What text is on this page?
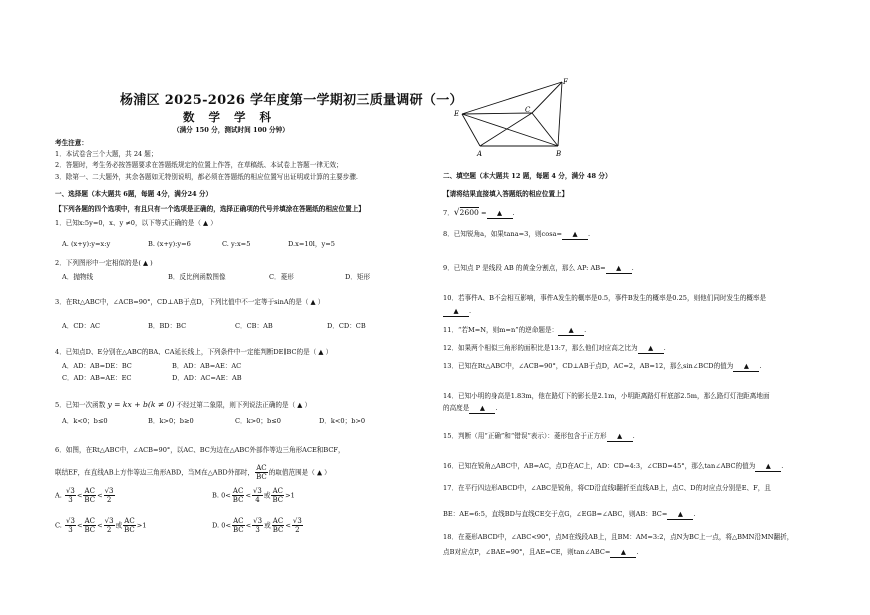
杨浦区 2025-2026 学年度第一学期初三质量调研（一）
数 学 学 科
（满分 150 分，测试时间 100 分钟）
考生注意：
1．本试卷含三个大题，共 24 题；
2．答题时，考生务必按答题要求在答题纸规定的位置上作答，在草稿纸、本试卷上答题一律无效；
3．除第一、二大题外，其余各题如无特别说明，都必须在答题纸的相应位置写出证明或计算的主要步骤.
一、选择题（本大题共 6题，每题 4分，满分24 分）
【下列各题的四个选项中，有且只有一个选项是正确的，选择正确项的代号并填涂在答题纸的相应位置上】
1．已知x:5y=0，x、y ≠0，以下等式正确的是（ ▲ ）
A. (x+y):y=x:y	B. (x+y):y=6	C. y:x=5	D.x=10l，y=5
2．下列图形中一定相似的是( ▲ )
A．抛物线	B．反比例函数图像	C．菱形	D．矩形
3．在Rt△ABC中，∠ACB=90°，CD⊥AB于点D，下列比值中不一定等于sinA的是（ ▲ ）
A．CD：AC	B．BD：BC	C．CB：AB	D．CD：CB
4．已知点D、E分别在△ABC的BA、CA延长线上，下列条件中一定能判断DE∥BC的是（ ▲ ）
A．AD：AB=DE：BC	B．AD：AB=AE：AC
C．AD：AB=AE：EC	D．AD：AC=AE：AB
5．已知一次函数 y = kx + b(k ≠ 0) 不经过第二象限，则下列说法正确的是（ ▲ ）
A．k<0；b≤0	B．k>0；b≥0	C．k>0；b≤0	D．k<0；b>0
6．如图，在Rt△ABC中，∠ACB=90°，以AC、BC为边在△ABC外部作等边三角形ACE和BCF，
联结EF，在直线AB上方作等边三角形ABD，当M在△ABD外部时， $\frac{AC}{BC}$ 的取值范围是（ ▲ ）
A. $\frac{√3}{3} < \frac{AC}{BC} < \frac{√3}{2}$	B. $0< \frac{AC}{BC} < \frac{√3}{4}$ 或 $\frac{AC}{BC} >1$
C. $\frac{√3}{3} < \frac{AC}{BC} < \frac{√3}{2}$ 或 $\frac{AC}{BC} >1$	D. $0< \frac{AC}{BC} < \frac{√3}{3}$ 或 $\frac{AC}{BC} < \frac{√3}{2}$
F
E	C
A	B
二、填空题（本大题共 12 题，每题 4 分，满分 48 分）
【请将结果直接填入答题纸的相应位置上】
7．√2600 = ▲ .
8．已知锐角a，如果tana=3，则cosa= ▲ .
9．已知点 P 是线段 AB 的黄金分割点，那么 AP: AB= ▲ .
10．若事件A、B不会相互影响，事件A发生的概率是0.5，事件B发生的概率是0.25，则他们同时发生的概率是
▲ .
11．“若M=N，则m=n”的逆命题是： ▲ .
12．如果两个相似三角形的面积比是13:7，那么他们对应高之比为 ▲ .
13．已知在Rt△ABC中，∠ACB=90°，CD⊥AB于点D，AC=2，AB=12，那么sin∠BCD的值为 ▲ .
14．已知小明的身高是1.83m，他在路灯下的影长是2.1m，小明距离路灯杆底部2.5m，那么路灯灯泡距离地面
的高度是 ▲ .
15．判断（用“正确”和“错误”表示）：菱形包含于正方形 ▲ .
16．已知在锐角△ABC中，AB=AC，点D在AC上，AD：CD=4:3，∠CBD=45°，那么tan∠ABC的值为 ▲ .
17．在平行四边形ABCD中，∠ABC是锐角，将CD沿直线l翻折至直线AB上，点C、D的对应点分别是E、F，且
BE：AE=6:5，直线BD与直线CE交于点G，∠EGB=∠ABC，则AB：BC= ▲ .
18．在菱形ABCD中，∠ABC<90°，点M在线段AB上，且BM：AM=3:2，点N为BC上一点，将△BMN沿MN翻折，
点B对应点P，∠BAE=90°，且AE=CE，则tan∠ABC= ▲ .
